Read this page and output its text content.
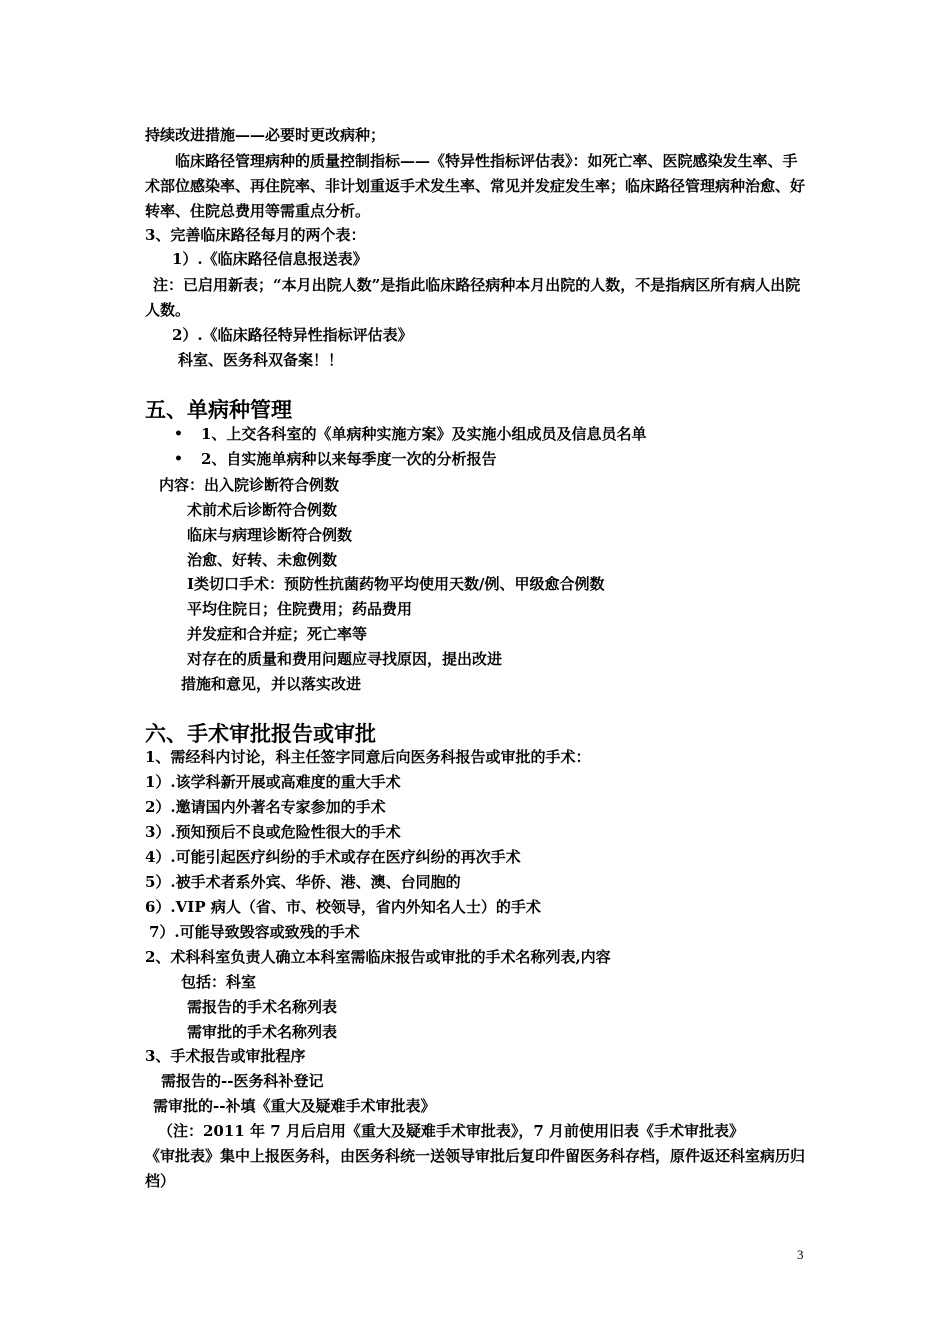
持续改进措施——必要时更改病种；
临床路径管理病种的质量控制指标——《特异性指标评估表》：如死亡率、医院感染发生率、手术部位感染率、再住院率、非计划重返手术发生率、常见并发症发生率；临床路径管理病种治愈、好转率、住院总费用等需重点分析。
3、完善临床路径每月的两个表：
1）.《临床路径信息报送表》
注：已启用新表；“本月出院人数”是指此临床路径病种本月出院的人数，不是指病区所有病人出院人数。
2）.《临床路径特异性指标评估表》
科室、医务科双备案！！
五、单病种管理
• 1、上交各科室的《单病种实施方案》及实施小组成员及信息员名单
• 2、自实施单病种以来每季度一次的分析报告
内容：出入院诊断符合例数
术前术后诊断符合例数
临床与病理诊断符合例数
治愈、好转、未愈例数
Ⅰ类切口手术：预防性抗菌药物平均使用天数/例、甲级愈合例数
平均住院日；住院费用；药品费用
并发症和合并症；死亡率等
对存在的质量和费用问题应寻找原因，提出改进
措施和意见，并以落实改进
六、手术审批报告或审批
1、需经科内讨论，科主任签字同意后向医务科报告或审批的手术：
1）.该学科新开展或高难度的重大手术
2）.邀请国内外著名专家参加的手术
3）.预知预后不良或危险性很大的手术
4）.可能引起医疗纠纷的手术或存在医疗纠纷的再次手术
5）.被手术者系外宾、华侨、港、澳、台同胞的
6）.VIP 病人（省、市、校领导，省内外知名人士）的手术
7）.可能导致毁容或致残的手术
2、术科科室负责人确立本科室需临床报告或审批的手术名称列表,内容
包括：科室
需报告的手术名称列表
需审批的手术名称列表
3、手术报告或审批程序
需报告的--医务科补登记
需审批的--补填《重大及疑难手术审批表》
（注：2011 年 7 月后启用《重大及疑难手术审批表》，7 月前使用旧表《手术审批表》
《审批表》集中上报医务科，由医务科统一送领导审批后复印件留医务科存档，原件返还科室病历归档）
3
